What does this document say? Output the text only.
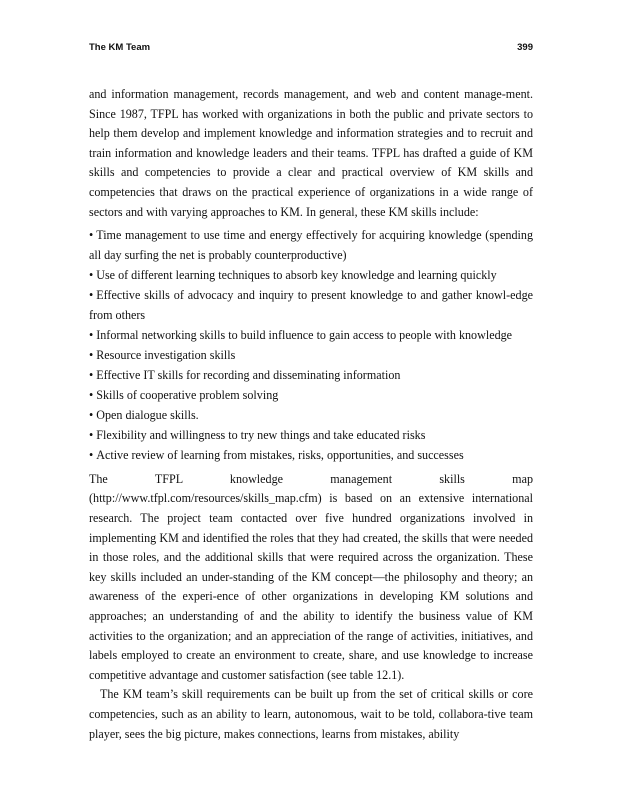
The KM Team	399

and information management, records management, and web and content manage-ment. Since 1987, TFPL has worked with organizations in both the public and private sectors to help them develop and implement knowledge and information strategies and to recruit and train information and knowledge leaders and their teams. TFPL has drafted a guide of KM skills and competencies to provide a clear and practical overview of KM skills and competencies that draws on the practical experience of organizations in a wide range of sectors and with varying approaches to KM. In general, these KM skills include:

• Time management to use time and energy effectively for acquiring knowledge (spending all day surfing the net is probably counterproductive)
• Use of different learning techniques to absorb key knowledge and learning quickly
• Effective skills of advocacy and inquiry to present knowledge to and gather knowl-edge from others
• Informal networking skills to build influence to gain access to people with knowledge
• Resource investigation skills
• Effective IT skills for recording and disseminating information
• Skills of cooperative problem solving
• Open dialogue skills.
• Flexibility and willingness to try new things and take educated risks
• Active review of learning from mistakes, risks, opportunities, and successes

The TFPL knowledge management skills map (http://www.tfpl.com/resources/skills_map.cfm) is based on an extensive international research. The project team contacted over five hundred organizations involved in implementing KM and identified the roles that they had created, the skills that were needed in those roles, and the additional skills that were required across the organization. These key skills included an under-standing of the KM concept—the philosophy and theory; an awareness of the experi-ence of other organizations in developing KM solutions and approaches; an understanding of and the ability to identify the business value of KM activities to the organization; and an appreciation of the range of activities, initiatives, and labels employed to create an environment to create, share, and use knowledge to increase competitive advantage and customer satisfaction (see table 12.1).

The KM team’s skill requirements can be built up from the set of critical skills or core competencies, such as an ability to learn, autonomous, wait to be told, collabora-tive team player, sees the big picture, makes connections, learns from mistakes, ability
